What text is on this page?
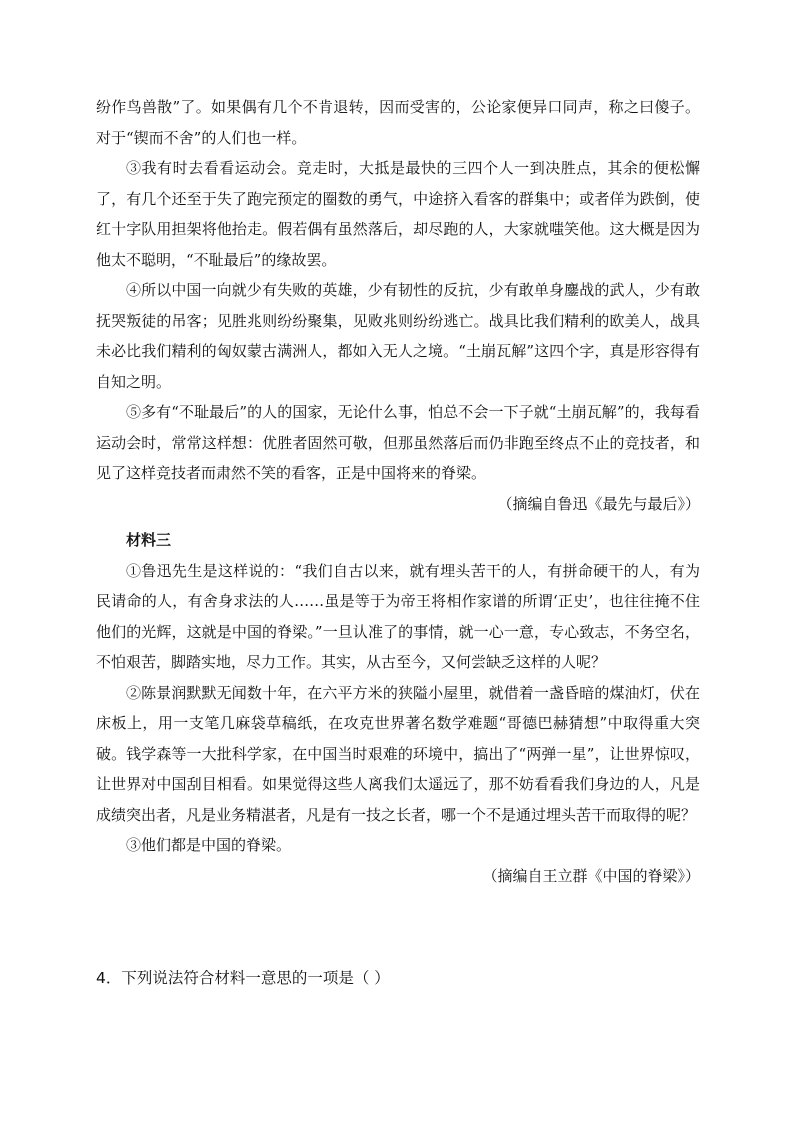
纷作鸟兽散”了。如果偶有几个不肯退转，因而受害的，公论家便异口同声，称之曰傻子。对于“锲而不舍”的人们也一样。

③我有时去看看运动会。竞走时，大抵是最快的三四个人一到决胜点，其余的便松懈了，有几个还至于失了跑完预定的圈数的勇气，中途挤入看客的群集中；或者佯为跌倒，使红十字队用担架将他抬走。假若偶有虽然落后，却尽跑的人，大家就嗤笑他。这大概是因为他太不聪明，“不耻最后”的缘故罢。

④所以中国一向就少有失败的英雄，少有韧性的反抗，少有敢单身鏖战的武人，少有敢抚哭叛徒的吊客；见胜兆则纷纷聚集，见败兆则纷纷逃亡。战具比我们精利的欧美人，战具未必比我们精利的匈奴蒙古满洲人，都如入无人之境。“土崩瓦解”这四个字，真是形容得有自知之明。

⑤多有“不耻最后”的人的国家，无论什么事，怕总不会一下子就“土崩瓦解”的，我每看运动会时，常常这样想：优胜者固然可敬，但那虽然落后而仍非跑至终点不止的竞技者，和见了这样竞技者而肃然不笑的看客，正是中国将来的脊梁。

（摘编自鲁迅《最先与最后》）

材料三

①鲁迅先生是这样说的：“我们自古以来，就有埋头苦干的人，有拼命硬干的人，有为民请命的人，有舍身求法的人……虽是等于为帝王将相作家谱的所谓‘正史’，也往往掩不住他们的光辉，这就是中国的脊梁。”一旦认准了的事情，就一心一意，专心致志，不务空名，不怕艰苦，脚踏实地，尽力工作。其实，从古至今，又何尝缺乏这样的人呢？

②陈景润默默无闻数十年，在六平方米的狭隘小屋里，就借着一盏昏暗的煤油灯，伏在床板上，用一支笔几麻袋草稿纸，在攻克世界著名数学难题“哥德巴赫猜想”中取得重大突破。钱学森等一大批科学家，在中国当时艰难的环境中，搞出了“两弹一星”，让世界惊叹，让世界对中国刮目相看。如果觉得这些人离我们太遥远了，那不妨看看我们身边的人，凡是成绩突出者，凡是业务精湛者，凡是有一技之长者，哪一个不是通过埋头苦干而取得的呢？

③他们都是中国的脊梁。

（摘编自王立群《中国的脊梁》）

4．下列说法符合材料一意思的一项是（ ）
